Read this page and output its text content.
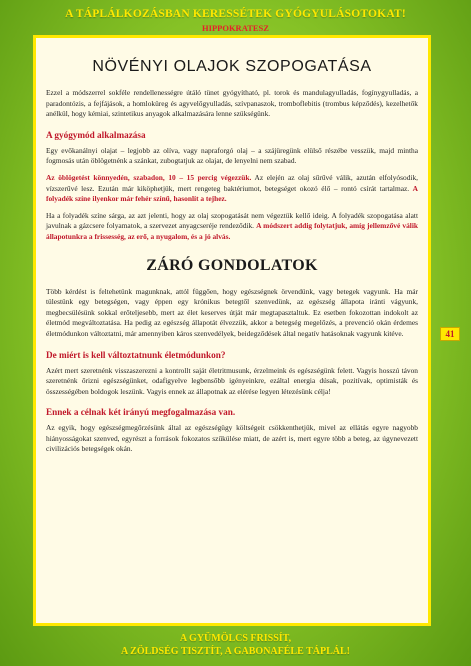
A TÁPLÁLKOZÁSBAN KERESSÉTEK GYÓGYULÁSOTOKAT!
HIPPOKRATESZ
NÖVÉNYI OLAJOK SZOPOGATÁSA

Ezzel a módszerrel sokféle rendellenességre útáló tünet gyógyítható, pl. torok és mandulagyulladás, fogínygyulladás, a paradontózis, a fejfájások, a homloküreg és agyvelőgyulladás, szívpanaszok, tromboflebitis (trombus képződés), kezelhetők anélkül, hogy kémiai, szintetikus anyagok alkalmazására lenne szükségünk.

A gyógymód alkalmazása

Egy evőkanálnyi olajat – legjobb az olíva, vagy napraforgó olaj – a szájüregünk elülső részébe vesszük, majd mintha fogmosás után öblögetnénk a szánkat, zubogtatjuk az olajat, de lenyelni nem szabad.

Az öblögetést könnyedén, szabadon, 10 – 15 percig végezzük. Az elején az olaj sűrűvé válik, azután elfolyósodik, vízszerűvé lesz. Ezután már kiköphetjük, mert rengeteg baktériumot, betegséget okozó élő – rontó csírát tartalmaz. A folyadék színe ilyenkor már fehér színű, hasonlít a tejhez.

Ha a folyadék színe sárga, az azt jelenti, hogy az olaj szopogatását nem végeztük kellő ideig. A folyadék szopogatása alatt javulnak a gázcsere folyamatok, a szervezet anyagcseréje rendeződik. A módszert addig folytatjuk, amíg jellemzővé válik állapotunkra a frissesség, az erő, a nyugalom, és a jó alvás.

ZÁRÓ GONDOLATOK

Több kérdést is feltehetünk magunknak, attól függően, hogy egészségnek örvendünk, vagy betegek vagyunk. Ha már tülestünk egy betegségen, vagy éppen egy krónikus betegtől szenvedünk, az egészség állapota iránti vágyunk, megbecsülésünk sokkal erőteljesebb, mert az élet keserves útját már megtapasztaltuk. Ez esetben fokozottan indokolt az életmód megváltoztatása. Ha pedig az egészség állapotát élvezzük, akkor a betegség megelőzés, a prevenció okán érdemes életmódunkon változtatni, már amennyiben káros szenvedélyek, beidegződések által negatív hatásoknak vagyunk kitéve.

De miért is kell változtatnunk életmódunkon?

Azért mert szeretnénk visszaszerezni a kontrollt saját életritmusunk, érzelmeink és egészségünk felett. Vagyis hosszú távon szeretnénk őrizni egészségünket, odafigyelve legbensőbb igényeinkre, ezáltal energia dúsak, pozitívak, optimisták és összességében boldogok leszünk. Vagyis ennek az állapotnak az elérése legyen létezésünk célja!

Ennek a célnak két irányú megfogalmazása van.

Az egyik, hogy egészségmegőrzésünk által az egészségügy költségeit csökkenthetjük, mivel az ellátás egyre nagyobb hiányosságokat szenved, egyrészt a források fokozatos szűkülése miatt, de azért is, mert egyre több a beteg, az úgynevezett civilizációs betegségek okán.

41
A GYÜMÖLCS FRISSÍT,
A ZÖLDSÉG TISZTÍT, A GABONAFÉLE TÁPLÁL!
